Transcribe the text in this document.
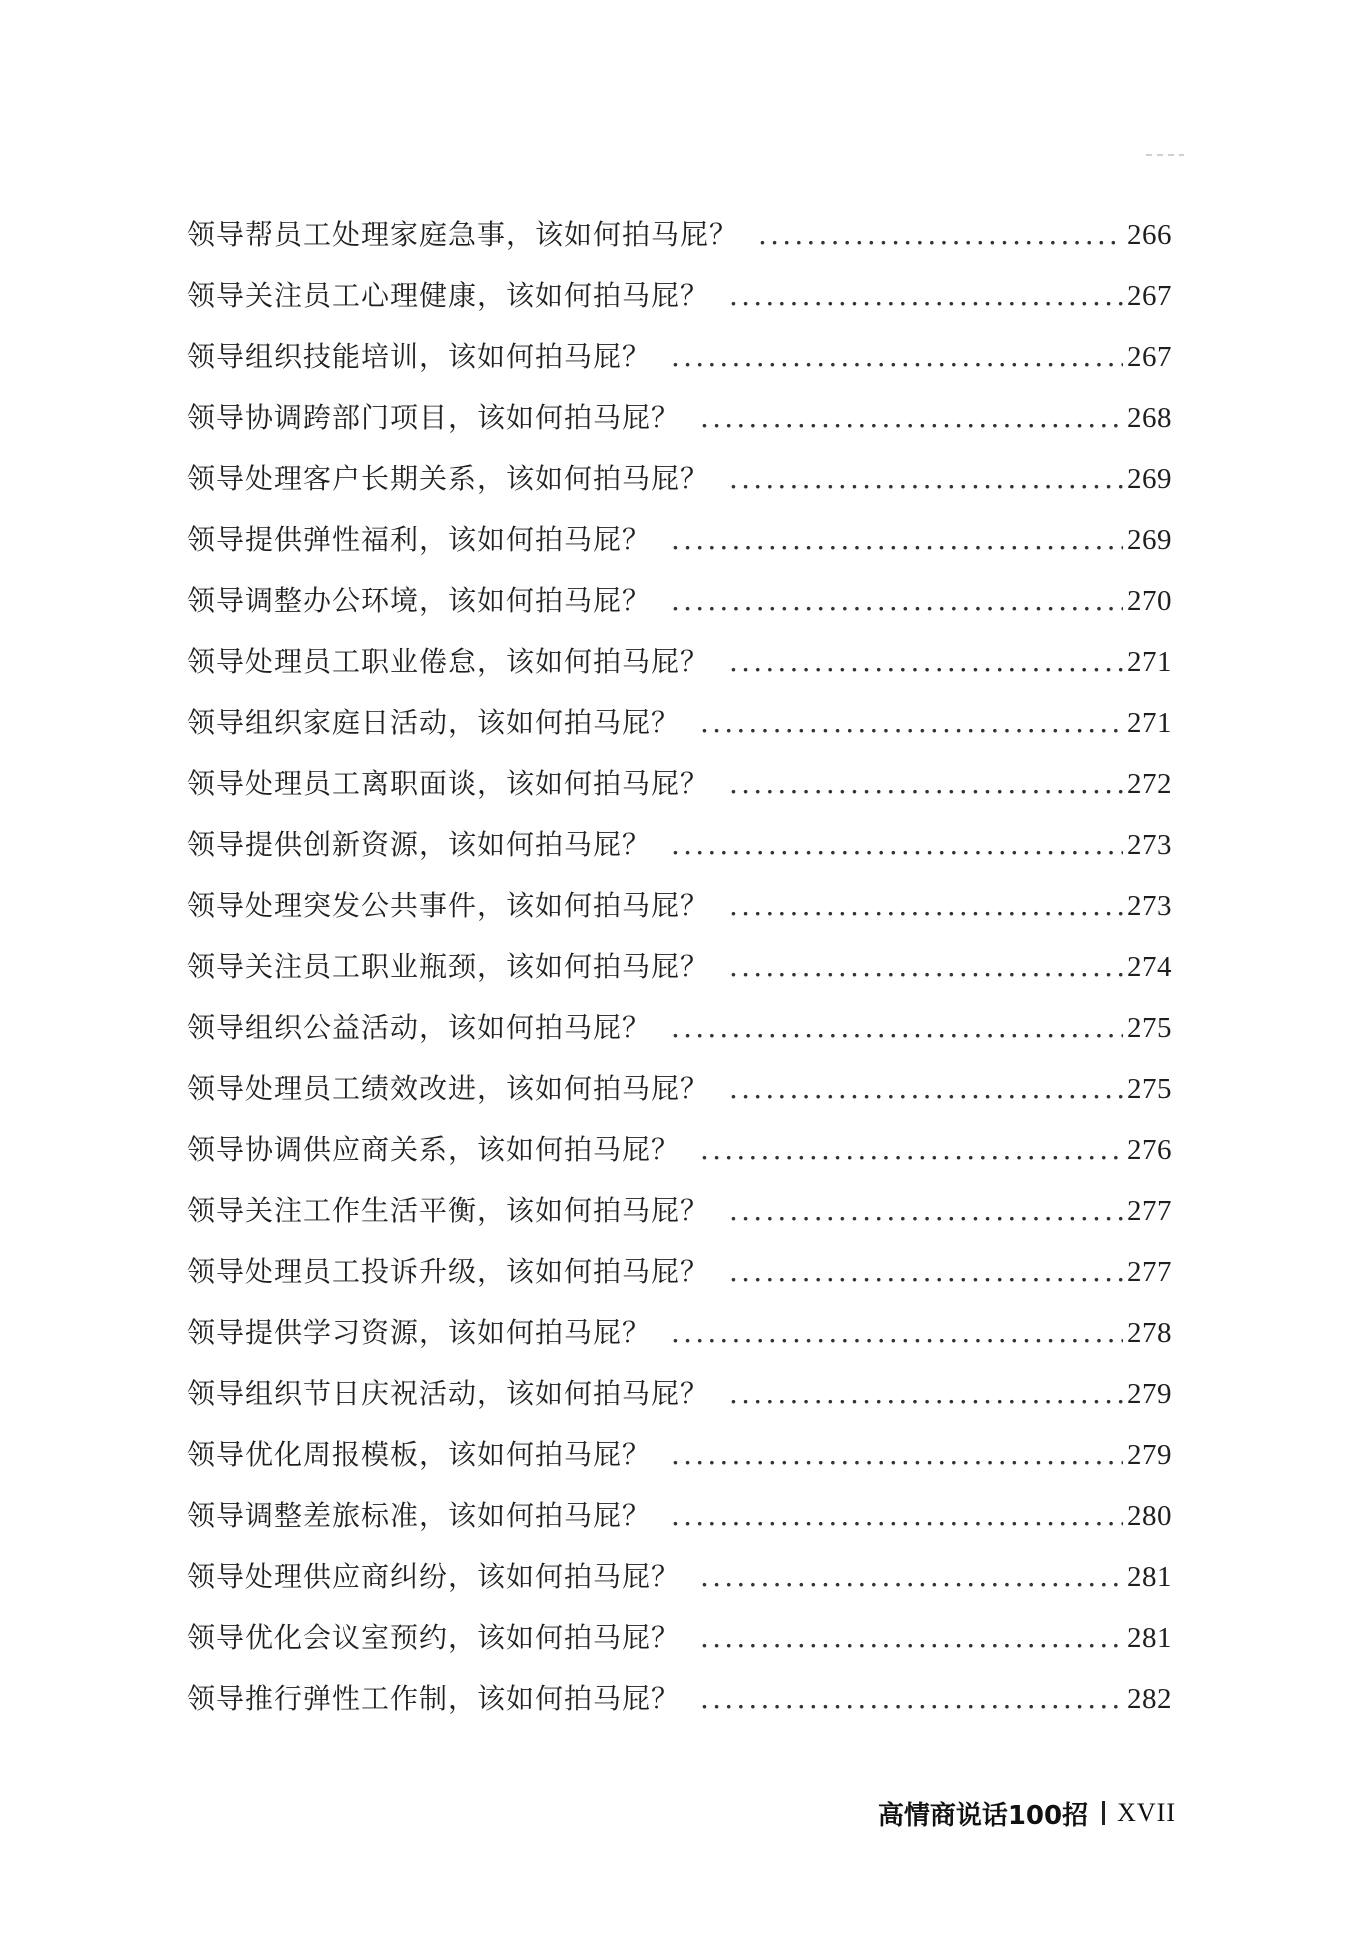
领导帮员工处理家庭急事，该如何拍马屁？ .....	266
领导关注员工心理健康，该如何拍马屁？ .....	267
领导组织技能培训，该如何拍马屁？ .....	267
领导协调跨部门项目，该如何拍马屁？ .....	268
领导处理客户长期关系，该如何拍马屁？ .....	269
领导提供弹性福利，该如何拍马屁？ .....	269
领导调整办公环境，该如何拍马屁？ .....	270
领导处理员工职业倦怠，该如何拍马屁？ .....	271
领导组织家庭日活动，该如何拍马屁？ .....	271
领导处理员工离职面谈，该如何拍马屁？ .....	272
领导提供创新资源，该如何拍马屁？ .....	273
领导处理突发公共事件，该如何拍马屁？ .....	273
领导关注员工职业瓶颈，该如何拍马屁？ .....	274
领导组织公益活动，该如何拍马屁？ .....	275
领导处理员工绩效改进，该如何拍马屁？ .....	275
领导协调供应商关系，该如何拍马屁？ .....	276
领导关注工作生活平衡，该如何拍马屁？ .....	277
领导处理员工投诉升级，该如何拍马屁？ .....	277
领导提供学习资源，该如何拍马屁？ .....	278
领导组织节日庆祝活动，该如何拍马屁？ .....	279
领导优化周报模板，该如何拍马屁？ .....	279
领导调整差旅标准，该如何拍马屁？ .....	280
领导处理供应商纠纷，该如何拍马屁？ .....	281
领导优化会议室预约，该如何拍马屁？ .....	281
领导推行弹性工作制，该如何拍马屁？ .....	282
高情商说话100招 XVII
